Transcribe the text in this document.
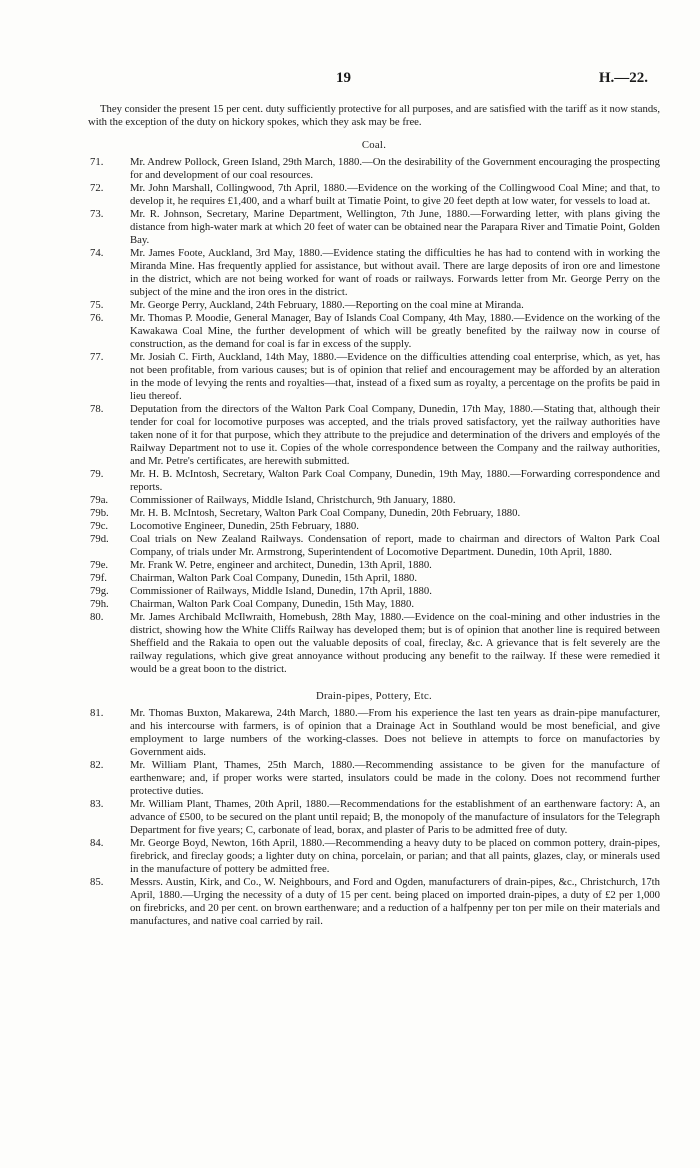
19	H.—22.

They consider the present 15 per cent. duty sufficiently protective for all purposes, and are satisfied with the tariff as it now stands, with the exception of the duty on hickory spokes, which they ask may be free.

Coal.
71.	Mr. Andrew Pollock, Green Island, 29th March, 1880.—On the desirability of the Government encouraging the prospecting for and development of our coal resources.
72.	Mr. John Marshall, Collingwood, 7th April, 1880.—Evidence on the working of the Collingwood Coal Mine; and that, to develop it, he requires £1,400, and a wharf built at Timatie Point, to give 20 feet depth at low water, for vessels to load at.
73.	Mr. R. Johnson, Secretary, Marine Department, Wellington, 7th June, 1880.—Forwarding letter, with plans giving the distance from high-water mark at which 20 feet of water can be obtained near the Parapara River and Timatie Point, Golden Bay.
74.	Mr. James Foote, Auckland, 3rd May, 1880.—Evidence stating the difficulties he has had to contend with in working the Miranda Mine. Has frequently applied for assistance, but without avail. There are large deposits of iron ore and limestone in the district, which are not being worked for want of roads or railways. Forwards letter from Mr. George Perry on the subject of the mine and the iron ores in the district.
75.	Mr. George Perry, Auckland, 24th February, 1880.—Reporting on the coal mine at Miranda.
76.	Mr. Thomas P. Moodie, General Manager, Bay of Islands Coal Company, 4th May, 1880.—Evidence on the working of the Kawakawa Coal Mine, the further development of which will be greatly benefited by the railway now in course of construction, as the demand for coal is far in excess of the supply.
77.	Mr. Josiah C. Firth, Auckland, 14th May, 1880.—Evidence on the difficulties attending coal enterprise, which, as yet, has not been profitable, from various causes; but is of opinion that relief and encouragement may be afforded by an alteration in the mode of levying the rents and royalties—that, instead of a fixed sum as royalty, a percentage on the profits be paid in lieu thereof.
78.	Deputation from the directors of the Walton Park Coal Company, Dunedin, 17th May, 1880.—Stating that, although their tender for coal for locomotive purposes was accepted, and the trials proved satisfactory, yet the railway authorities have taken none of it for that purpose, which they attribute to the prejudice and determination of the drivers and employés of the Railway Department not to use it. Copies of the whole correspondence between the Company and the railway authorities, and Mr. Petre's certificates, are herewith submitted.
79.	Mr. H. B. McIntosh, Secretary, Walton Park Coal Company, Dunedin, 19th May, 1880.—Forwarding correspondence and reports.
79a.	Commissioner of Railways, Middle Island, Christchurch, 9th January, 1880.
79b.	Mr. H. B. McIntosh, Secretary, Walton Park Coal Company, Dunedin, 20th February, 1880.
79c.	Locomotive Engineer, Dunedin, 25th February, 1880.
79d.	Coal trials on New Zealand Railways. Condensation of report, made to chairman and directors of Walton Park Coal Company, of trials under Mr. Armstrong, Superintendent of Locomotive Department. Dunedin, 10th April, 1880.
79e.	Mr. Frank W. Petre, engineer and architect, Dunedin, 13th April, 1880.
79f.	Chairman, Walton Park Coal Company, Dunedin, 15th April, 1880.
79g.	Commissioner of Railways, Middle Island, Dunedin, 17th April, 1880.
79h.	Chairman, Walton Park Coal Company, Dunedin, 15th May, 1880.
80.	Mr. James Archibald McIlwraith, Homebush, 28th May, 1880.—Evidence on the coal-mining and other industries in the district, showing how the White Cliffs Railway has developed them; but is of opinion that another line is required between Sheffield and the Rakaia to open out the valuable deposits of coal, fireclay, &c. A grievance that is felt severely are the railway regulations, which give great annoyance without producing any benefit to the railway. If these were remedied it would be a great boon to the district.
Drain-pipes, Pottery, Etc.
81.	Mr. Thomas Buxton, Makarewa, 24th March, 1880.—From his experience the last ten years as drain-pipe manufacturer, and his intercourse with farmers, is of opinion that a Drainage Act in Southland would be most beneficial, and give employment to large numbers of the working-classes. Does not believe in attempts to force on manufactories by Government aids.
82.	Mr. William Plant, Thames, 25th March, 1880.—Recommending assistance to be given for the manufacture of earthenware; and, if proper works were started, insulators could be made in the colony. Does not recommend further protective duties.
83.	Mr. William Plant, Thames, 20th April, 1880.—Recommendations for the establishment of an earthenware factory: A, an advance of £500, to be secured on the plant until repaid; B, the monopoly of the manufacture of insulators for the Telegraph Department for five years; C, carbonate of lead, borax, and plaster of Paris to be admitted free of duty.
84.	Mr. George Boyd, Newton, 16th April, 1880.—Recommending a heavy duty to be placed on common pottery, drain-pipes, firebrick, and fireclay goods; a lighter duty on china, porcelain, or parian; and that all paints, glazes, clay, or minerals used in the manufacture of pottery be admitted free.
85.	Messrs. Austin, Kirk, and Co., W. Neighbours, and Ford and Ogden, manufacturers of drain-pipes, &c., Christchurch, 17th April, 1880.—Urging the necessity of a duty of 15 per cent. being placed on imported drain-pipes, a duty of £2 per 1,000 on firebricks, and 20 per cent. on brown earthenware; and a reduction of a halfpenny per ton per mile on their materials and manufactures, and native coal carried by rail.
